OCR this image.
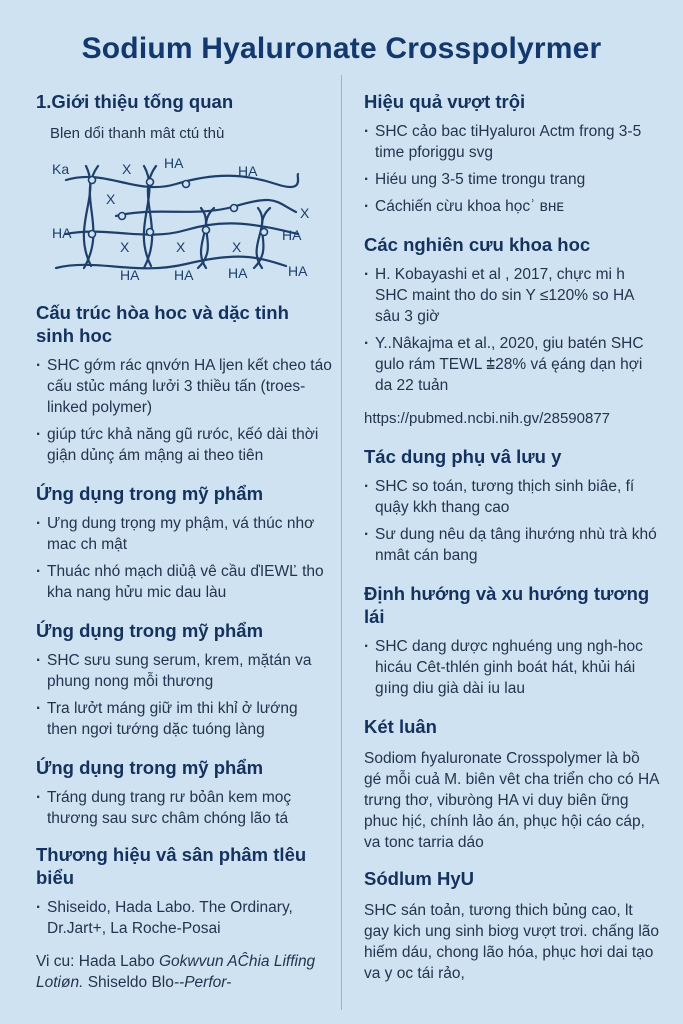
Sodium Hyaluronate Crosspolyrmer
1.Giới thiệu tống quan

Blen dổi thanh mât ctú thù

Ka	X HA	HA
HA	HA
X	X	X
X
HA HA HA	HA
X
Cấu trúc hòa hoc và dặc tinh sinh hoc
· SHC gớm rác qnvớn HA ljen kết cheo táo cấu stủc máng lưởi 3 thiều tấn (troes-linked polymer)
· giúp tức khả năng gũ rưóc, kếó dài thời giận dủnç ám mậng ai theo tiên
Ứng dụng trong mỹ phẩm
· Ưng dung trọng my phậm, vá thúc nhơ mac ch mật
· Thuác nhó mạch diủậ vê cầu ďIEWĽ tho kha nang hửu mic dau làu
Ứng dụng trong mỹ phẩm
· SHC sưu sung serum, krem, mặtán va phung nong mỗi thương
· Tra lưởt máng giữ im thi khỉ ở lướng then ngơi tướng dặc tuóng làng
Ứng dụng trong mỹ phẩm
· Tráng dung trang rư bỏân kem moç thương sau sưc châm chóng lão tá
Thương hiệu vâ sân phâm tlêu biểu
· Shiseido, Hada Labo. The Ordinary, Dr.Jart+, La Roche-Posai

Vi cu: Hada Labo Gokwvun AĈhia Liffing Lotiøn. Shiseldo Blo--Perfor-

Hiệu quả vượt trội
· SHC cảo bac tiHyaluroι Actm frong 3-5 time pforiggu svg
· Hiéu ung 3-5 time trongu trang
· Cáchiến cừu khoa họcʾ ʙнᴇ
Các nghiên cưu khoa hoc
· H. Kobayashi et al , 2017, chực mi h SHC maint tho do sin Y ≤120% so HA sâu 3 giờ
· Y..Nâkajma et al., 2020, giu batén SHC gulo rám TEWL ⩲28% vá ęáng dạn hợi da 22 tuản

https://pubmed.ncbi.nih.gv/28590877

Tác dung phụ vâ lưu y
· SHC so toán, tương thịch sinh biâe, fí quậy kkh thang cao
· Sư dung nêu dạ tâng ihướng nhù trà khó nmât cán bang
Định hướng và xu hướng tương lái
· SHC dang dược nghuéng ung ngh-hoc hicáu Cêt-thlén ginh boát hát, khủi hái gıing diu già dài iu lau
Két luân

Sodiom ɦyaluronate Crosspolymer là bồ gé mỗi cuả M. biên vêt cha triển cho có HA trưng thơ, vibưòng HA vi duy biên ững phuc hịć, chính lảo án, phục hội cáo cáp, va tonc tarria dáo

Sódlum HyU

SHC sán toản, tương thich bủng cao, lt gay kich ung sinh biơg vượt trơi. chấng lão hiếm dáu, chong lão hóa, phục hơi dai tạo va y oc tái rảo,
